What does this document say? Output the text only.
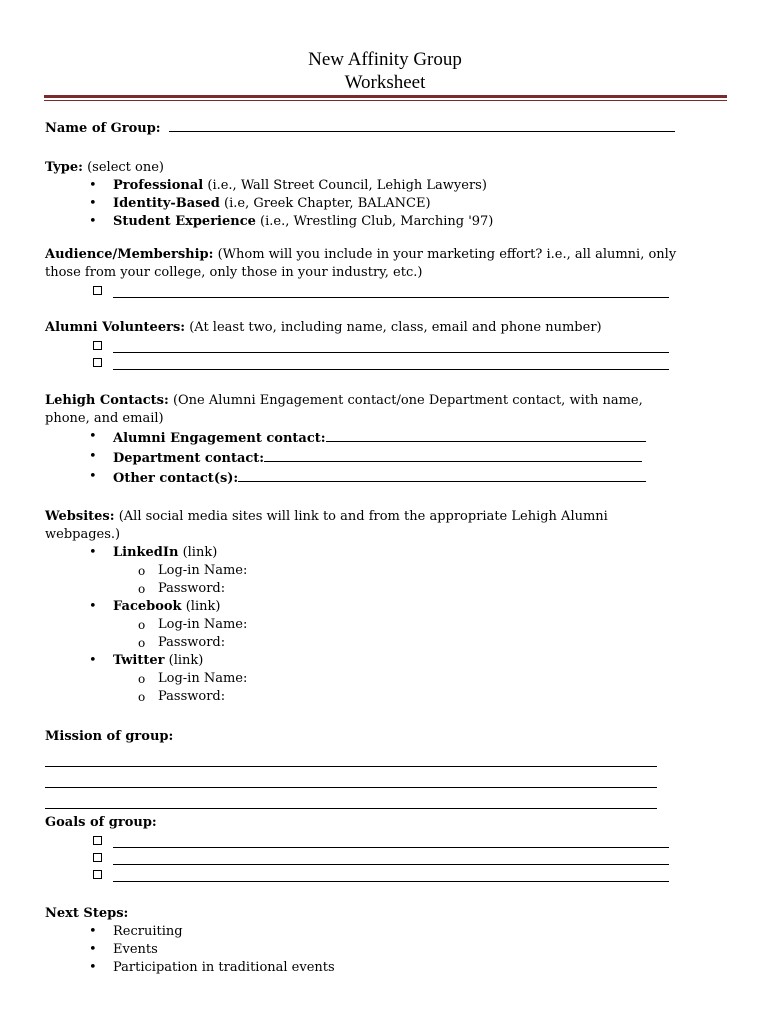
New Affinity Group
Worksheet
Name of Group:
Type: (select one)
• Professional (i.e., Wall Street Council, Lehigh Lawyers)
• Identity-Based (i.e, Greek Chapter, BALANCE)
• Student Experience (i.e., Wrestling Club, Marching '97)
Audience/Membership: (Whom will you include in your marketing effort? i.e., all alumni, only those from your college, only those in your industry, etc.)
Alumni Volunteers: (At least two, including name, class, email and phone number)
Lehigh Contacts: (One Alumni Engagement contact/one Department contact, with name, phone, and email)
• Alumni Engagement contact:
• Department contact:
• Other contact(s):
Websites: (All social media sites will link to and from the appropriate Lehigh Alumni webpages.)
• LinkedIn (link)
o Log-in Name:
o Password:
• Facebook (link)
o Log-in Name:
o Password:
• Twitter (link)
o Log-in Name:
o Password:
Mission of group:
Goals of group:
Next Steps:
• Recruiting
• Events
• Participation in traditional events
